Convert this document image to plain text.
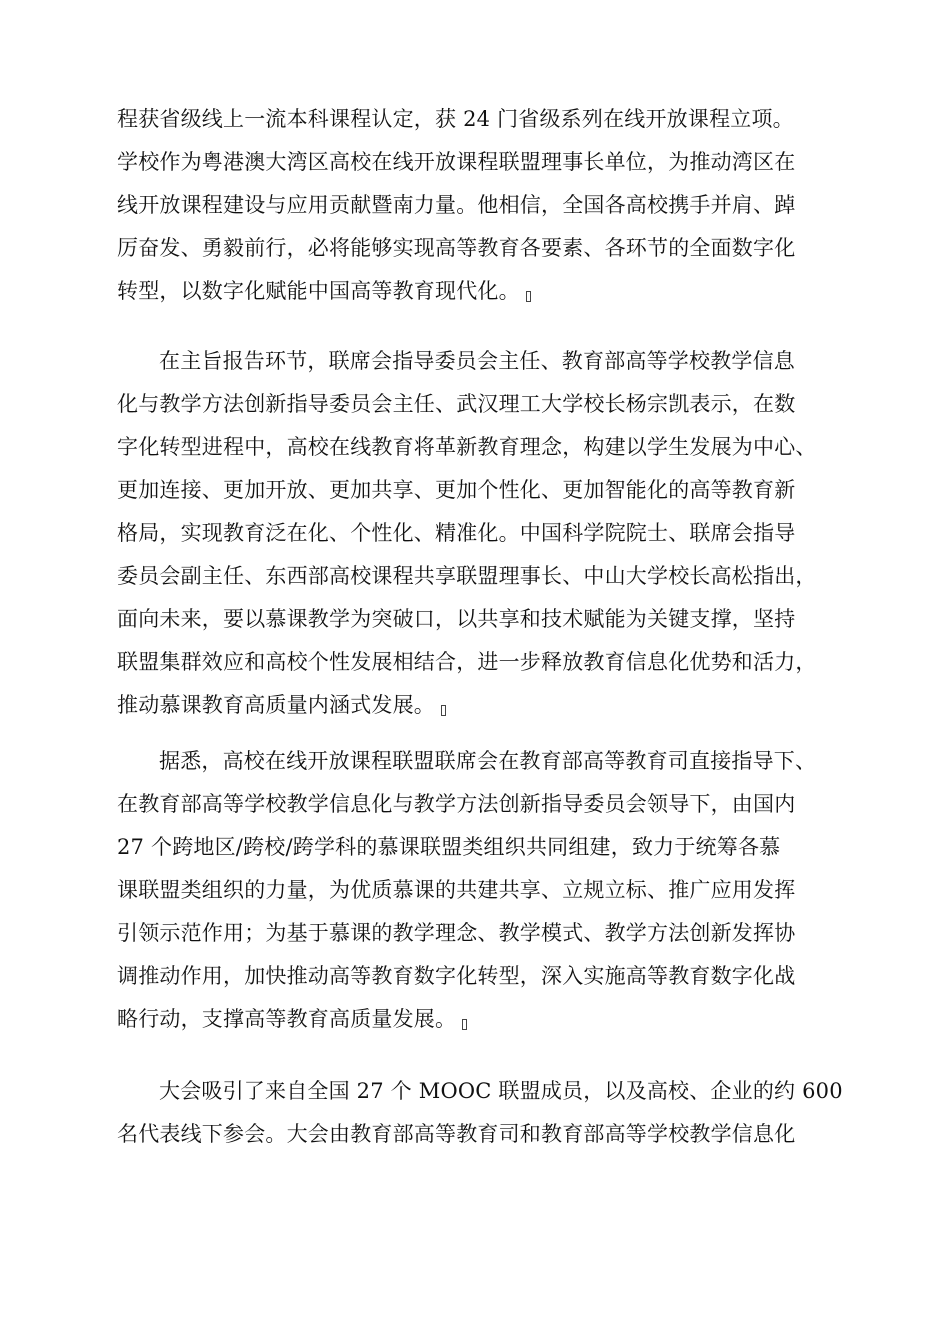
程获省级线上一流本科课程认定，获 24 门省级系列在线开放课程立项。
学校作为粤港澳大湾区高校在线开放课程联盟理事长单位，为推动湾区在
线开放课程建设与应用贡献暨南力量。他相信，全国各高校携手并肩、踔
厉奋发、勇毅前行，必将能够实现高等教育各要素、各环节的全面数字化
转型，以数字化赋能中国高等教育现代化。
在主旨报告环节，联席会指导委员会主任、教育部高等学校教学信息
化与教学方法创新指导委员会主任、武汉理工大学校长杨宗凯表示，在数
字化转型进程中，高校在线教育将革新教育理念，构建以学生发展为中心、
更加连接、更加开放、更加共享、更加个性化、更加智能化的高等教育新
格局，实现教育泛在化、个性化、精准化。中国科学院院士、联席会指导
委员会副主任、东西部高校课程共享联盟理事长、中山大学校长高松指出，
面向未来，要以慕课教学为突破口，以共享和技术赋能为关键支撑，坚持
联盟集群效应和高校个性发展相结合，进一步释放教育信息化优势和活力，
推动慕课教育高质量内涵式发展。
据悉，高校在线开放课程联盟联席会在教育部高等教育司直接指导下、
在教育部高等学校教学信息化与教学方法创新指导委员会领导下，由国内
27 个跨地区/跨校/跨学科的慕课联盟类组织共同组建，致力于统筹各慕
课联盟类组织的力量，为优质慕课的共建共享、立规立标、推广应用发挥
引领示范作用；为基于慕课的教学理念、教学模式、教学方法创新发挥协
调推动作用，加快推动高等教育数字化转型，深入实施高等教育数字化战
略行动，支撑高等教育高质量发展。
大会吸引了来自全国 27 个 MOOC 联盟成员，以及高校、企业的约 600
名代表线下参会。大会由教育部高等教育司和教育部高等学校教学信息化
